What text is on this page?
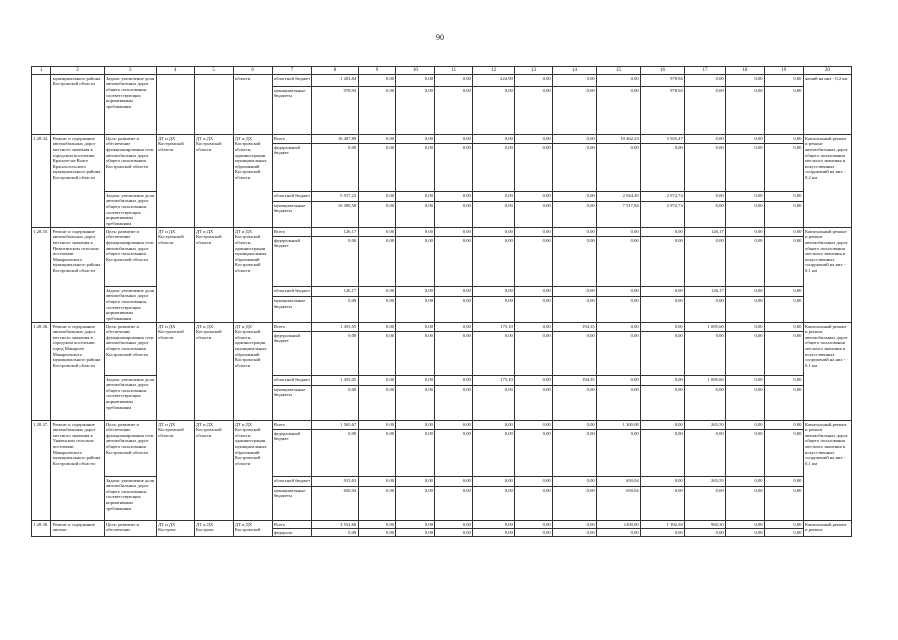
90
1	2	3	4	5	6	7	8	9	10	11	12	13	14	15	16	17	18	19	20
	муниципального района Костромской области	Задача: увеличение доли автомобильных дорог общего пользования, соответствующих нормативным требованиям			области	областной бюджет	1 203,84	0,00	0,00	0,00	224,90	0,00	0,00	0,00	978,94	0,00	0,00	0,00	жений на них - 0,2 км
						муниципальные бюджеты	978,94	0,00	0,00	0,00	0,00	0,00	0,00	0,00	978,94	0,00	0,00	0,00	
1.28.34.	Ремонт и содержание автомобильных дорог местного значения в городском поселении Красное-на-Волге Красносельского муниципального района Костромской области	Цель: развитие и обеспечение функционирования сети автомобильных дорог общего пользования Костромской области	ДТ и ДХ Костромской области	ДТ и ДХ Костромской области	ДТ и ДХ Костромской области, администрации муниципальных образований Костромской области	Всего	16 407,80	0,00	0,00	0,00	0,00	0,00	0,00	10 462,23	5 945,47	0,00	0,00	0,00	Капитальный ремонт и ремонт автомобильных дорог общего пользования местного значения и искусственных сооружений на них - 0,2 км
						федеральный бюджет	0,00	0,00	0,00	0,00	0,00	0,00	0,00	0,00	0,00	0,00	0,00	0,00	
		Задача: увеличение доли автомобильных дорог общего пользования, соответствующих нормативным требованиям				областной бюджет	5 917,23	0,00	0,00	0,00	0,00	0,00	0,00	2 944,49	2 972,74	0,00	0,00	0,00	
						муниципальные бюджеты	10 490,58	0,00	0,00	0,00	0,00	0,00	0,00	7 517,84	2 972,74	0,00	0,00	0,00	
1.28.35.	Ремонт и содержание автомобильных дорог местного значения в Нежитинском сельском поселении Макарьевского муниципального района Костромской области	Цель: развитие и обеспечение функционирования сети автомобильных дорог общего пользования Костромской области	ДТ и ДХ Костромской области	ДТ и ДХ Костромской области	ДТ и ДХ Костромской области, администрации муниципальных образований Костромской области	Всего	126,17	0,00	0,00	0,00	0,00	0,00	0,00	0,00	0,00	126,17	0,00	0,00	Капитальный ремонт и ремонт автомобильных дорог общего пользования местного значения и искусственных сооружений на них - 0,1 км
						федеральный бюджет	0,00	0,00	0,00	0,00	0,00	0,00	0,00	0,00	0,00	0,00	0,00	0,00	
		Задача: увеличение доли автомобильных дорог общего пользования, соответствующих нормативным требованиям				областной бюджет	126,17	0,00	0,00	0,00	0,00	0,00	0,00	0,00	0,00	126,17	0,00	0,00	
						муниципальные бюджеты	0,00	0,00	0,00	0,00	0,00	0,00	0,00	0,00	0,00	0,00	0,00	0,00	
1.28.36.	Ремонт и содержание автомобильных дорог местного значения в городском поселении город Макарьев Макарьевского муниципального района Костромской области	Цель: развитие и обеспечение функционирования сети автомобильных дорог общего пользования Костромской области	ДТ и ДХ Костромской области	ДТ и ДХ Костромской области	ДТ и ДХ Костромской области, администрации муниципальных образований Костромской области	Всего	1 455,05	0,00	0,00	0,00	175,10	0,00	194,35	0,00	0,00	1 085,60	0,00	0,00	Капитальный ремонт и ремонт автомобильных дорог общего пользования местного значения и искусственных сооружений на них - 0,1 км
						федеральный бюджет	0,00	0,00	0,00	0,00	0,00	0,00	0,00	0,00	0,00	0,00	0,00	0,00	
		Задача: увеличение доли автомобильных дорог общего пользования, соответствующих нормативным требованиям				областной бюджет	1 455,05	0,00	0,00	0,00	175,10	0,00	194,35	0,00	0,00	1 085,60	0,00	0,00	
						муниципальные бюджеты	0,00	0,00	0,00	0,00	0,00	0,00	0,00	0,00	0,00	0,00	0,00	0,00	
1.28.37.	Ремонт и содержание автомобильных дорог местного значения в Унженском сельском поселении Макарьевского муниципального района Костромской области	Цель: развитие и обеспечение функционирования сети автомобильных дорог общего пользования Костромской области	ДТ и ДХ Костромской области	ДТ и ДХ Костромской области	ДТ и ДХ Костромской области, администрации муниципальных образований Костромской области	Всего	1 565,67	0,00	0,00	0,00	0,00	0,00	0,00	1 300,08	0,00	265,59	0,00	0,00	Капитальный ремонт и ремонт автомобильных дорог общего пользования местного значения и искусственных сооружений на них - 0,1 км
						федеральный бюджет	0,00	0,00	0,00	0,00	0,00	0,00	0,00	0,00	0,00	0,00	0,00	0,00	
		Задача: увеличение доли автомобильных дорог общего пользования, соответствующих нормативным требованиям				областной бюджет	915,63	0,00	0,00	0,00	0,00	0,00	0,00	650,04	0,00	265,59	0,00	0,00	
						муниципальные бюджеты	650,04	0,00	0,00	0,00	0,00	0,00	0,00	650,04	0,00	0,00	0,00	0,00	
1.28.38.	Ремонт и содержание автомо-	Цель: развитие и обеспечение	ДТ и ДХ Костром-	ДТ и ДХ Костром-	ДТ и ДХ Костромской	Всего	3 552,60	0,00	0,00	0,00	0,00	0,00	0,00	1200,00	1 392,30	960,30	0,00	0,00	Капитальный ремонт и ремонт
						федераль-	0,00	0,00	0,00	0,00	0,00	0,00	0,00	0,00	0,00	0,00	0,00	0,00	
